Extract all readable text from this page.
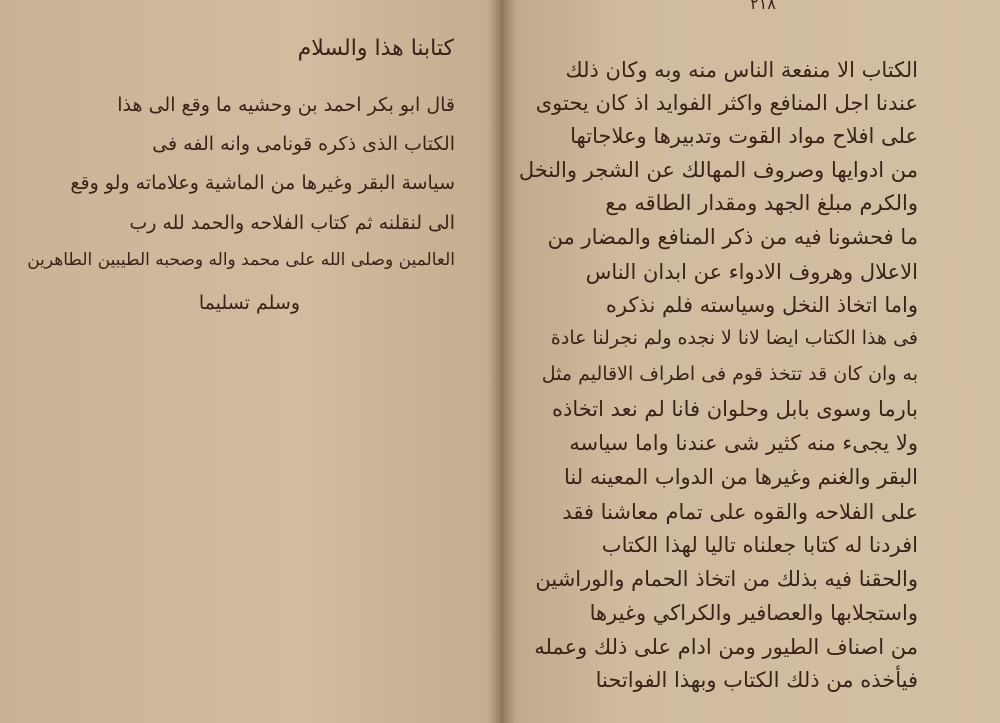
كتابنا هذا والسلام
قال ابو بكر احمد بن وحشيه ما وقع الى هذا
الكتاب الذى ذكره قونامى وانه الفه فى
سياسة البقر وغيرها من الماشية وعلاماته ولو وقع
الى لنقلنه ثم كتاب الفلاحه والحمد لله رب
العالمين وصلى الله على محمد واله وصحبه الطيبين الطاهرين
وسلم تسليما
٢١٨
الكتاب الا منفعة الناس منه وبه وكان ذلك
عندنا اجل المنافع واكثر الفوايد اذ كان يحتوى
على افلاح مواد القوت وتدبيرها وعلاجاتها
من ادوايها وصروف المهالك عن الشجر والنخل
والكرم مبلغ الجهد ومقدار الطاقه مع
ما فحشونا فيه من ذكر المنافع والمضار من
الاعلال وهروف الادواء عن ابدان الناس
واما اتخاذ النخل وسياسته فلم نذكره
فى هذا الكتاب ايضا لانا لا نجده ولم نجرلنا عادة
به وان كان قد تتخذ قوم فى اطراف الاقاليم مثل
بارما وسوى بابل وحلوان فانا لم نعد اتخاذه
ولا يجىء منه كثير شى عندنا واما سياسه
البقر والغنم وغيرها من الدواب المعينه لنا
على الفلاحه والقوه على تمام معاشنا فقد
افردنا له كتابا جعلناه تاليا لهذا الكتاب
والحقنا فيه بذلك من اتخاذ الحمام والوراشين
واستجلابها والعصافير والكراكي وغيرها
من اصناف الطيور ومن ادام على ذلك وعمله
فيأخذه من ذلك الكتاب وبهذا الفواتحنا
